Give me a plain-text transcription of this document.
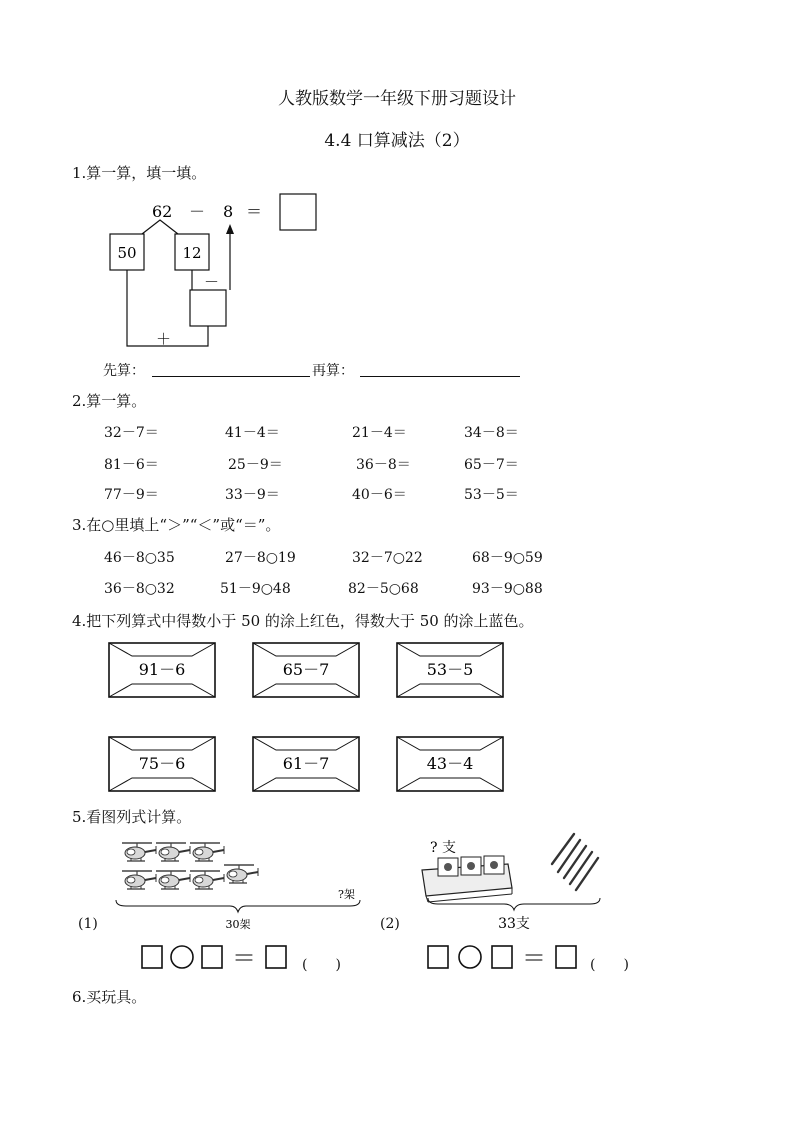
人教版数学一年级下册习题设计
4.4 口算减法（2）
1.算一算，填一填。
62 － 8 ＝
50	12
－
＋
先算：	再算：
2.算一算。
32－7＝	41－4＝	21－4＝	34－8＝
81－6＝	25－9＝	36－8＝	65－7＝
77－9＝	33－9＝	40－6＝	53－5＝
3.在○里填上“＞”“＜”或“＝”。
46－8○35	27－8○19	32－7○22	68－9○59
36－8○32	51－9○48	82－5○68	93－9○88
4.把下列算式中得数小于 50 的涂上红色，得数大于 50 的涂上蓝色。
91－6	65－7	53－5
75－6	61－7	43－4
5.看图列式计算。
?架
30架
(1)
? 支
33支
(2)
＝	(　　)	＝	(　　)
6.买玩具。
